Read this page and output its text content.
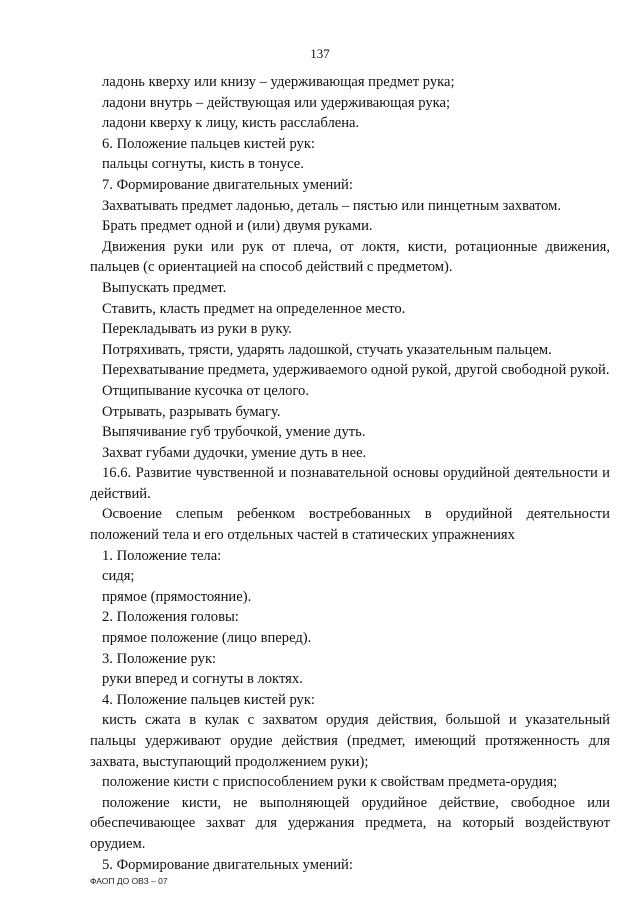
137

ладонь кверху или книзу – удерживающая предмет рука;

ладони внутрь – действующая или удерживающая рука;

ладони кверху к лицу, кисть расслаблена.

6. Положение пальцев кистей рук:

пальцы согнуты, кисть в тонусе.

7. Формирование двигательных умений:

Захватывать предмет ладонью, деталь – пястью или пинцетным захватом.

Брать предмет одной и (или) двумя руками.

Движения руки или рук от плеча, от локтя, кисти, ротационные движения, пальцев (с ориентацией на способ действий с предметом).

Выпускать предмет.

Ставить, класть предмет на определенное место.

Перекладывать из руки в руку.

Потряхивать, трясти, ударять ладошкой, стучать указательным пальцем.

Перехватывание предмета, удерживаемого одной рукой, другой свободной рукой.

Отщипывание кусочка от целого.

Отрывать, разрывать бумагу.

Выпячивание губ трубочкой, умение дуть.

Захват губами дудочки, умение дуть в нее.

16.6. Развитие чувственной и познавательной основы орудийной деятельности и действий.

Освоение слепым ребенком востребованных в орудийной деятельности положений тела и его отдельных частей в статических упражнениях

1. Положение тела:

сидя;

прямое (прямостояние).

2. Положения головы:

прямое положение (лицо вперед).

3. Положение рук:

руки вперед и согнуты в локтях.

4. Положение пальцев кистей рук:

кисть сжата в кулак с захватом орудия действия, большой и указательный пальцы удерживают орудие действия (предмет, имеющий протяженность для захвата, выступающий продолжением руки);

положение кисти с приспособлением руки к свойствам предмета-орудия;

положение кисти, не выполняющей орудийное действие, свободное или обеспечивающее захват для удержания предмета, на который воздействуют орудием.

5. Формирование двигательных умений:

ФАОП ДО ОВЗ – 07
